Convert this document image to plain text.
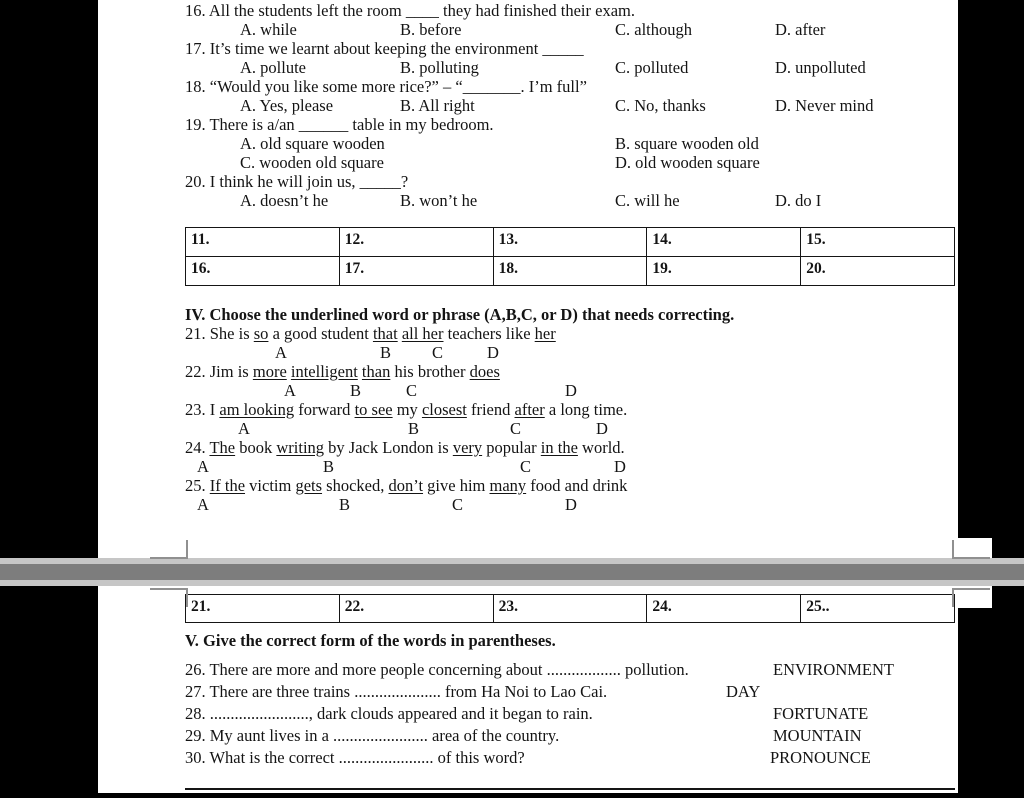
11.	12.	13.	14.	15.
16.	17.	18.	19.	20.
IV. Choose the underlined word or phrase (A,B,C, or D) that needs correcting.
16. All the students left the room ____ they had finished their exam.
A. while	B. before	C. although	D. after
17. It’s time we learnt about keeping the environment _____
A. pollute	B. polluting	C. polluted	D. unpolluted
18. “Would you like some more rice?” – “_______. I’m full”
A. Yes, please	B. All right	C. No, thanks	D. Never mind
19. There is a/an ______ table in my bedroom.
A. old square wooden	B. square wooden old
C. wooden old square	D. old wooden square
20. I think he will join us, _____?
A. doesn’t he	B. won’t he	C. will he	D. do I
21. She is so a good student that all her teachers like her
A	B C	D
22. Jim is more intelligent than his brother does
A	B	C	D
23. I am looking forward to see my closest friend after a long time.
A	B	C	D
24. The book writing by Jack London is very popular in the world.
A	B	C	D
25. If the victim gets shocked, don’t give him many food and drink
A	B	C	D
21.	22.	23.	24.	25..
V. Give the correct form of the words in parentheses.
26. There are more and more people concerning about .................. pollution.	ENVIRONMENT
27. There are three trains ..................... from Ha Noi to Lao Cai.	DAY
28. ........................, dark clouds appeared and it began to rain.	FORTUNATE
29. My aunt lives in a ....................... area of the country.	MOUNTAIN
30. What is the correct ....................... of this word?	PRONOUNCE
